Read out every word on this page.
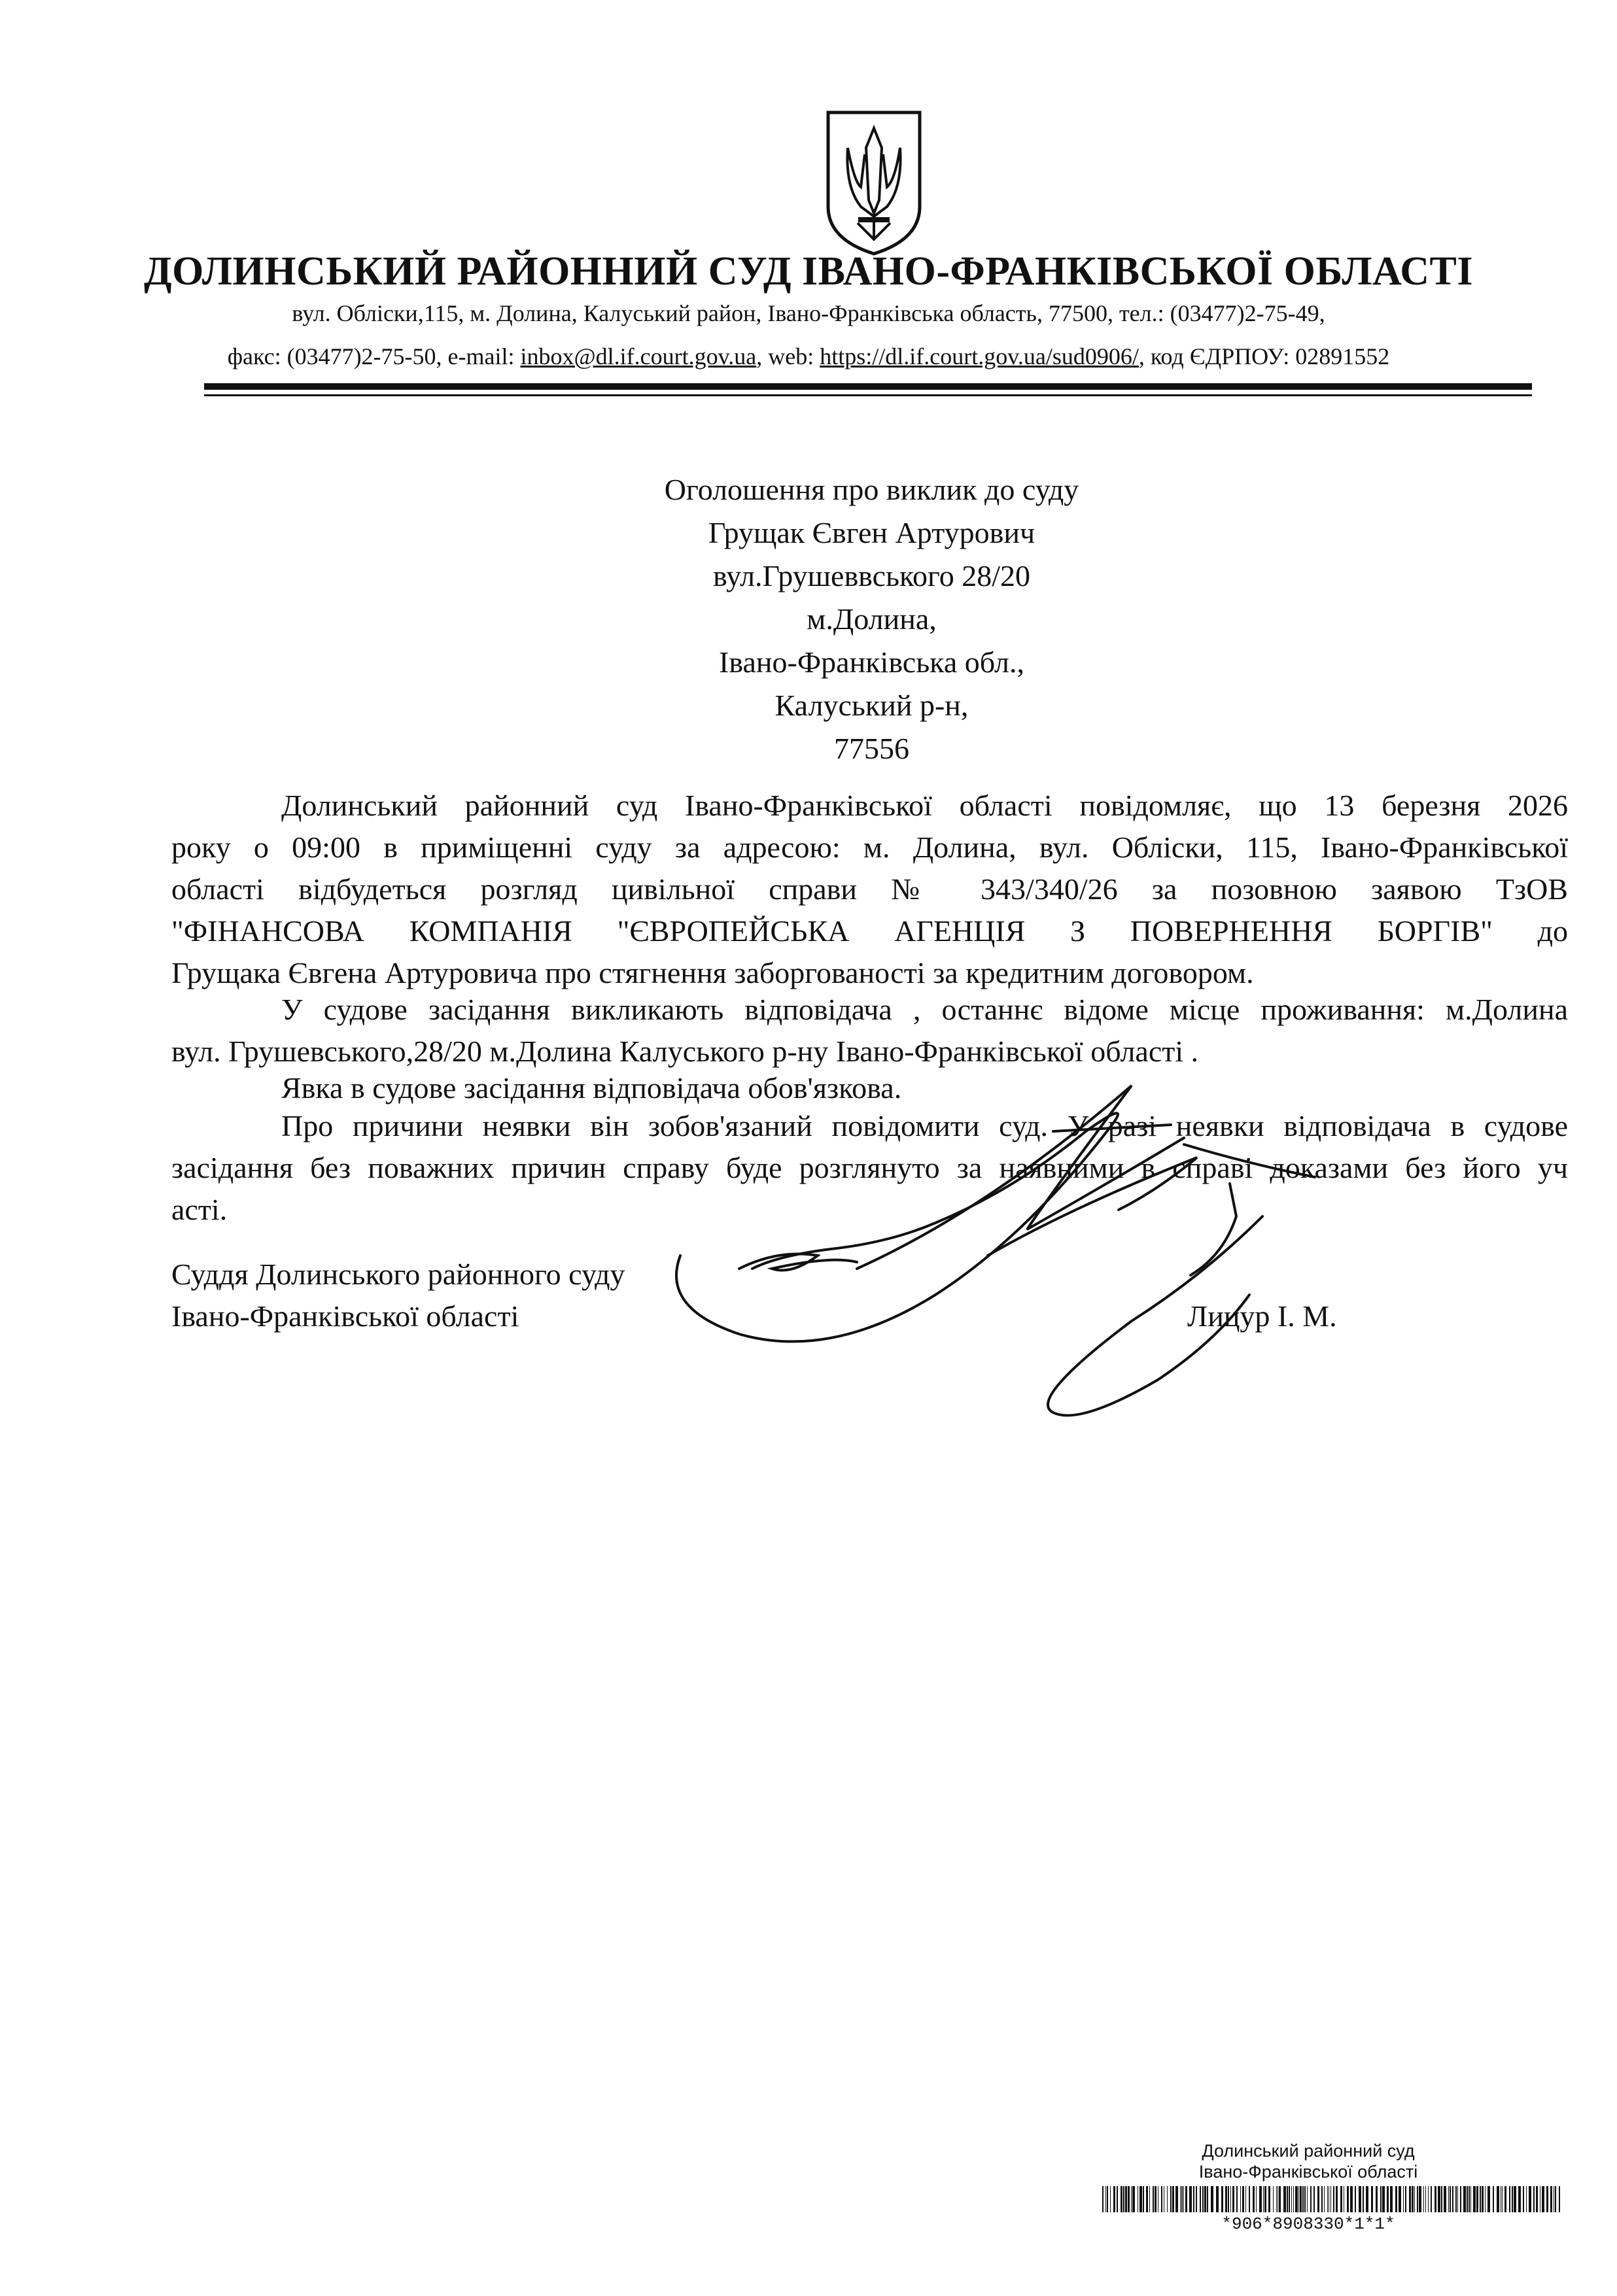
ДОЛИНСЬКИЙ РАЙОННИЙ СУД ІВАНО-ФРАНКІВСЬКОЇ ОБЛАСТІ
вул. Обліски,115, м. Долина, Калуський район, Івано-Франківська область, 77500, тел.: (03477)2-75-49,
факс: (03477)2-75-50, e-mail: inbox@dl.if.court.gov.ua, web: https://dl.if.court.gov.ua/sud0906/, код ЄДРПОУ: 02891552
Оголошення про виклик до суду
Грущак Євген Артурович
вул.Грушеввського 28/20
м.Долина,
Івано-Франківська обл.,
Калуський р-н,
77556
Долинський районний суд Івано-Франківської області повідомляє, що 13 березня 2026
року о 09:00 в приміщенні суду за адресою: м. Долина, вул. Обліски, 115, Івано-Франківської
області відбудеться розгляд цивільної справи № 343/340/26 за позовною заявою ТзОВ
"ФІНАНСОВА КОМПАНІЯ "ЄВРОПЕЙСЬКА АГЕНЦІЯ З ПОВЕРНЕННЯ БОРГІВ" до
Грущака Євгена Артуровича про стягнення заборгованості за кредитним договором.
У судове засідання викликають відповідача , останнє відоме місце проживання: м.Долина
вул. Грушевського,28/20 м.Долина Калуського р-ну Івано-Франківської області .
Явка в судове засідання відповідача обов'язкова.
Про причини неявки він зобов'язаний повідомити суд. У разі неявки відповідача в судове
засідання без поважних причин справу буде розглянуто за наявними в справі доказами без його уч
асті.
Суддя Долинського районного суду
Івано-Франківської області	Лицур І. М.
Долинський районний суд
Івано-Франківської області
*906*8908330*1*1*
